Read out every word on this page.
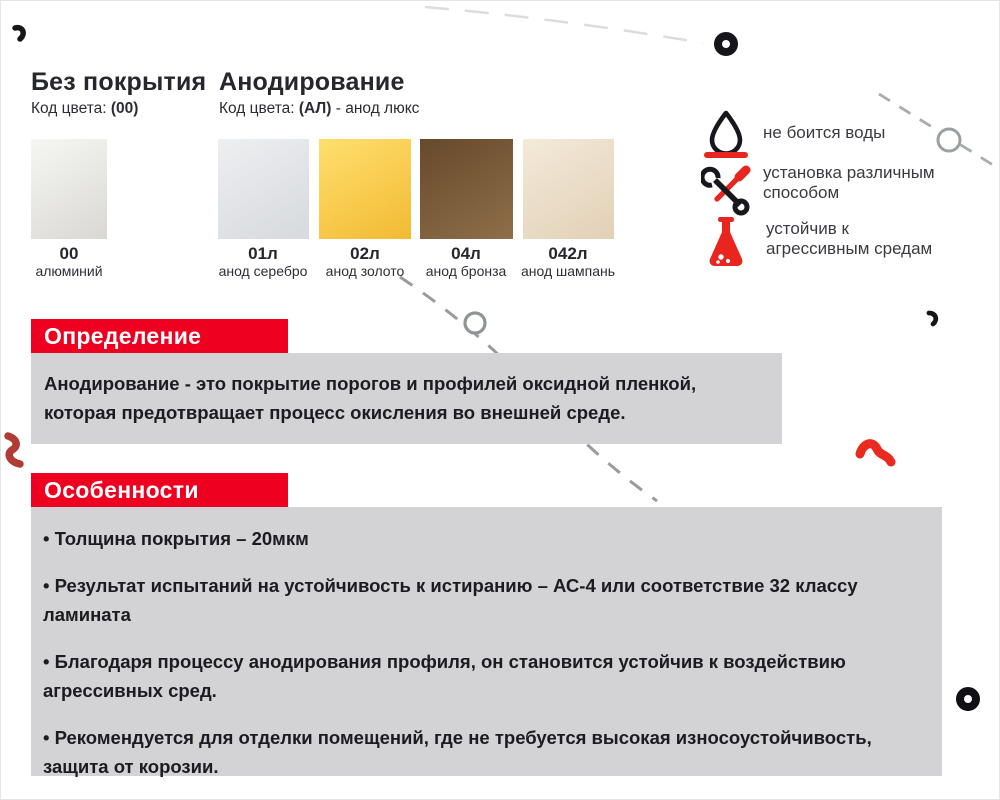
Без покрытия
Код цвета: (00)
Анодирование
Код цвета: (АЛ) - анод люкс
00
алюминий
01л
анод серебро
02л
анод золото
04л
анод бронза
042л
анод шампань
не боится воды
установка различным способом
устойчив к агрессивным средам
Определение
Анодирование - это покрытие порогов и профилей оксидной пленкой, которая предотвращает процесс окисления во внешней среде.
Особенности
• Толщина покрытия – 20мкм
• Результат испытаний на устойчивость к истиранию – АС-4 или соответствие 32 классу ламината
• Благодаря процессу анодирования профиля, он становится устойчив к воздействию агрессивных сред.
• Рекомендуется для отделки помещений, где не требуется высокая износоустойчивость, защита от корозии.
